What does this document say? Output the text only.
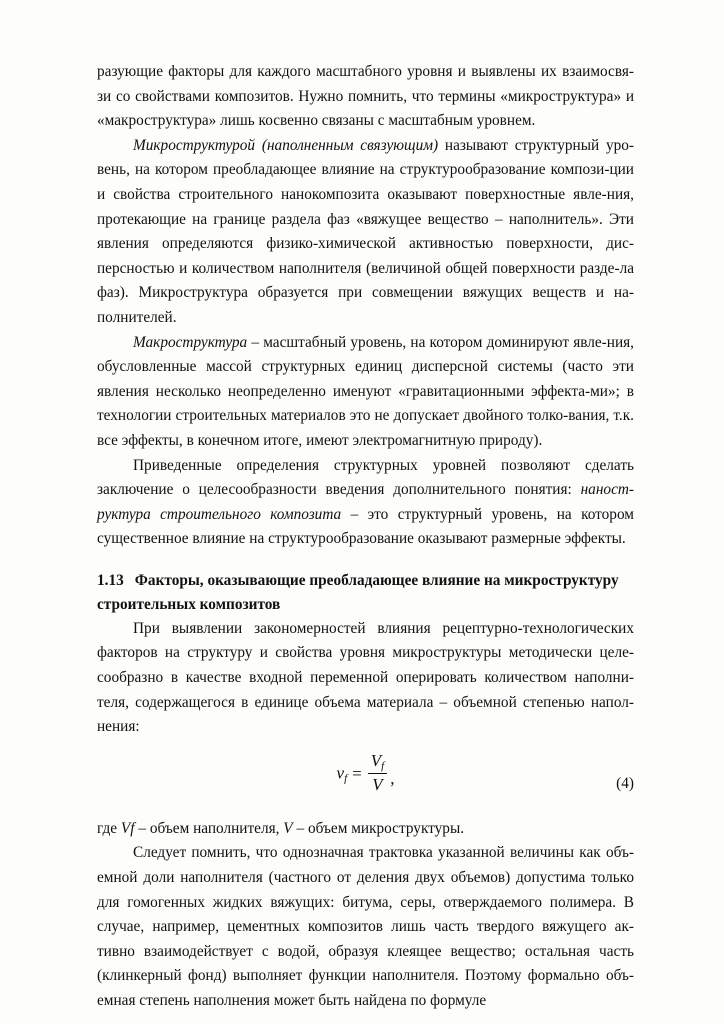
разующие факторы для каждого масштабного уровня и выявлены их взаимосвя-​зи со свойствами композитов. Нужно помнить, что термины «микроструктура» и «макроструктура» лишь косвенно связаны с масштабным уровнем.

Микроструктурой (наполненным связующим) называют структурный уро-​вень, на котором преобладающее влияние на структурообразование компози-​ции и свойства строительного нанокомпозита оказывают поверхностные явле-​ния, протекающие на границе раздела фаз «вяжущее вещество – наполнитель». Эти явления определяются физико-​химической активностью поверхности, дис-​персностью и количеством наполнителя (величиной общей поверхности разде-​ла фаз). Микроструктура образуется при совмещении вяжущих веществ и на-​полнителей.

Макроструктура – масштабный уровень, на котором доминируют явле-​ния, обусловленные массой структурных единиц дисперсной системы (часто эти явления несколько неопределенно именуют «гравитационными эффекта-​ми»; в технологии строительных материалов это не допускает двойного толко-​вания, т.к. все эффекты, в конечном итоге, имеют электромагнитную природу).

Приведенные определения структурных уровней позволяют сделать заключение о целесообразности введения дополнительного понятия: наност-​руктура строительного композита – это структурный уровень, на котором существенное влияние на структурообразование оказывают размерные эффекты.

1.13 Факторы, оказывающие преобладающее влияние на микроструктуру
строительных композитов

При выявлении закономерностей влияния рецептурно-​технологических факторов на структуру и свойства уровня микроструктуры методически целе-​сообразно в качестве входной переменной оперировать количеством наполни-​теля, содержащегося в единице объема материала – объемной степенью напол-​нения:

vf = $\frac{Vf}{V}$ ,	(4)

где Vf – объем наполнителя, V – объем микроструктуры.

Следует помнить, что однозначная трактовка указанной величины как объ-​емной доли наполнителя (частного от деления двух объемов) допустима только для гомогенных жидких вяжущих: битума, серы, отверждаемого полимера. В случае, например, цементных композитов лишь часть твердого вяжущего ак-​тивно взаимодействует с водой, образуя клеящее вещество; остальная часть (клинкерный фонд) выполняет функции наполнителя. Поэтому формально объ-​емная степень наполнения может быть найдена по формуле
